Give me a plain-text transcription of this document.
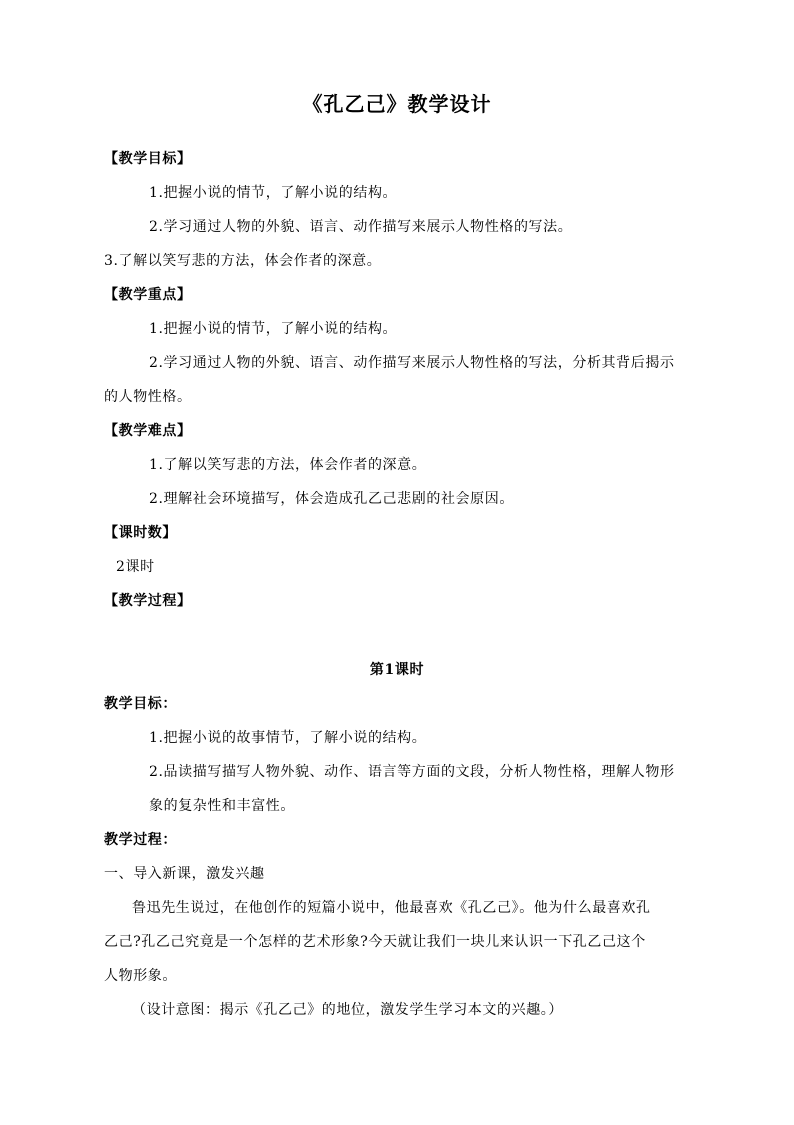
《孔乙己》教学设计
【教学目标】
1.把握小说的情节，了解小说的结构。
2.学习通过人物的外貌、语言、动作描写来展示人物性格的写法。
3.了解以笑写悲的方法，体会作者的深意。
【教学重点】
1.把握小说的情节，了解小说的结构。
2.学习通过人物的外貌、语言、动作描写来展示人物性格的写法，分析其背后揭示
的人物性格。
【教学难点】
1.了解以笑写悲的方法，体会作者的深意。
2.理解社会环境描写，体会造成孔乙己悲剧的社会原因。
【课时数】
2课时
【教学过程】
第1课时
教学目标：
1.把握小说的故事情节，了解小说的结构。
2.品读描写描写人物外貌、动作、语言等方面的文段，分析人物性格，理解人物形
象的复杂性和丰富性。
教学过程：
一、导入新课，激发兴趣
鲁迅先生说过，在他创作的短篇小说中，他最喜欢《孔乙己》。他为什么最喜欢孔
乙己?孔乙己究竟是一个怎样的艺术形象?今天就让我们一块儿来认识一下孔乙己这个
人物形象。
（设计意图：揭示《孔乙己》的地位，激发学生学习本文的兴趣。）
